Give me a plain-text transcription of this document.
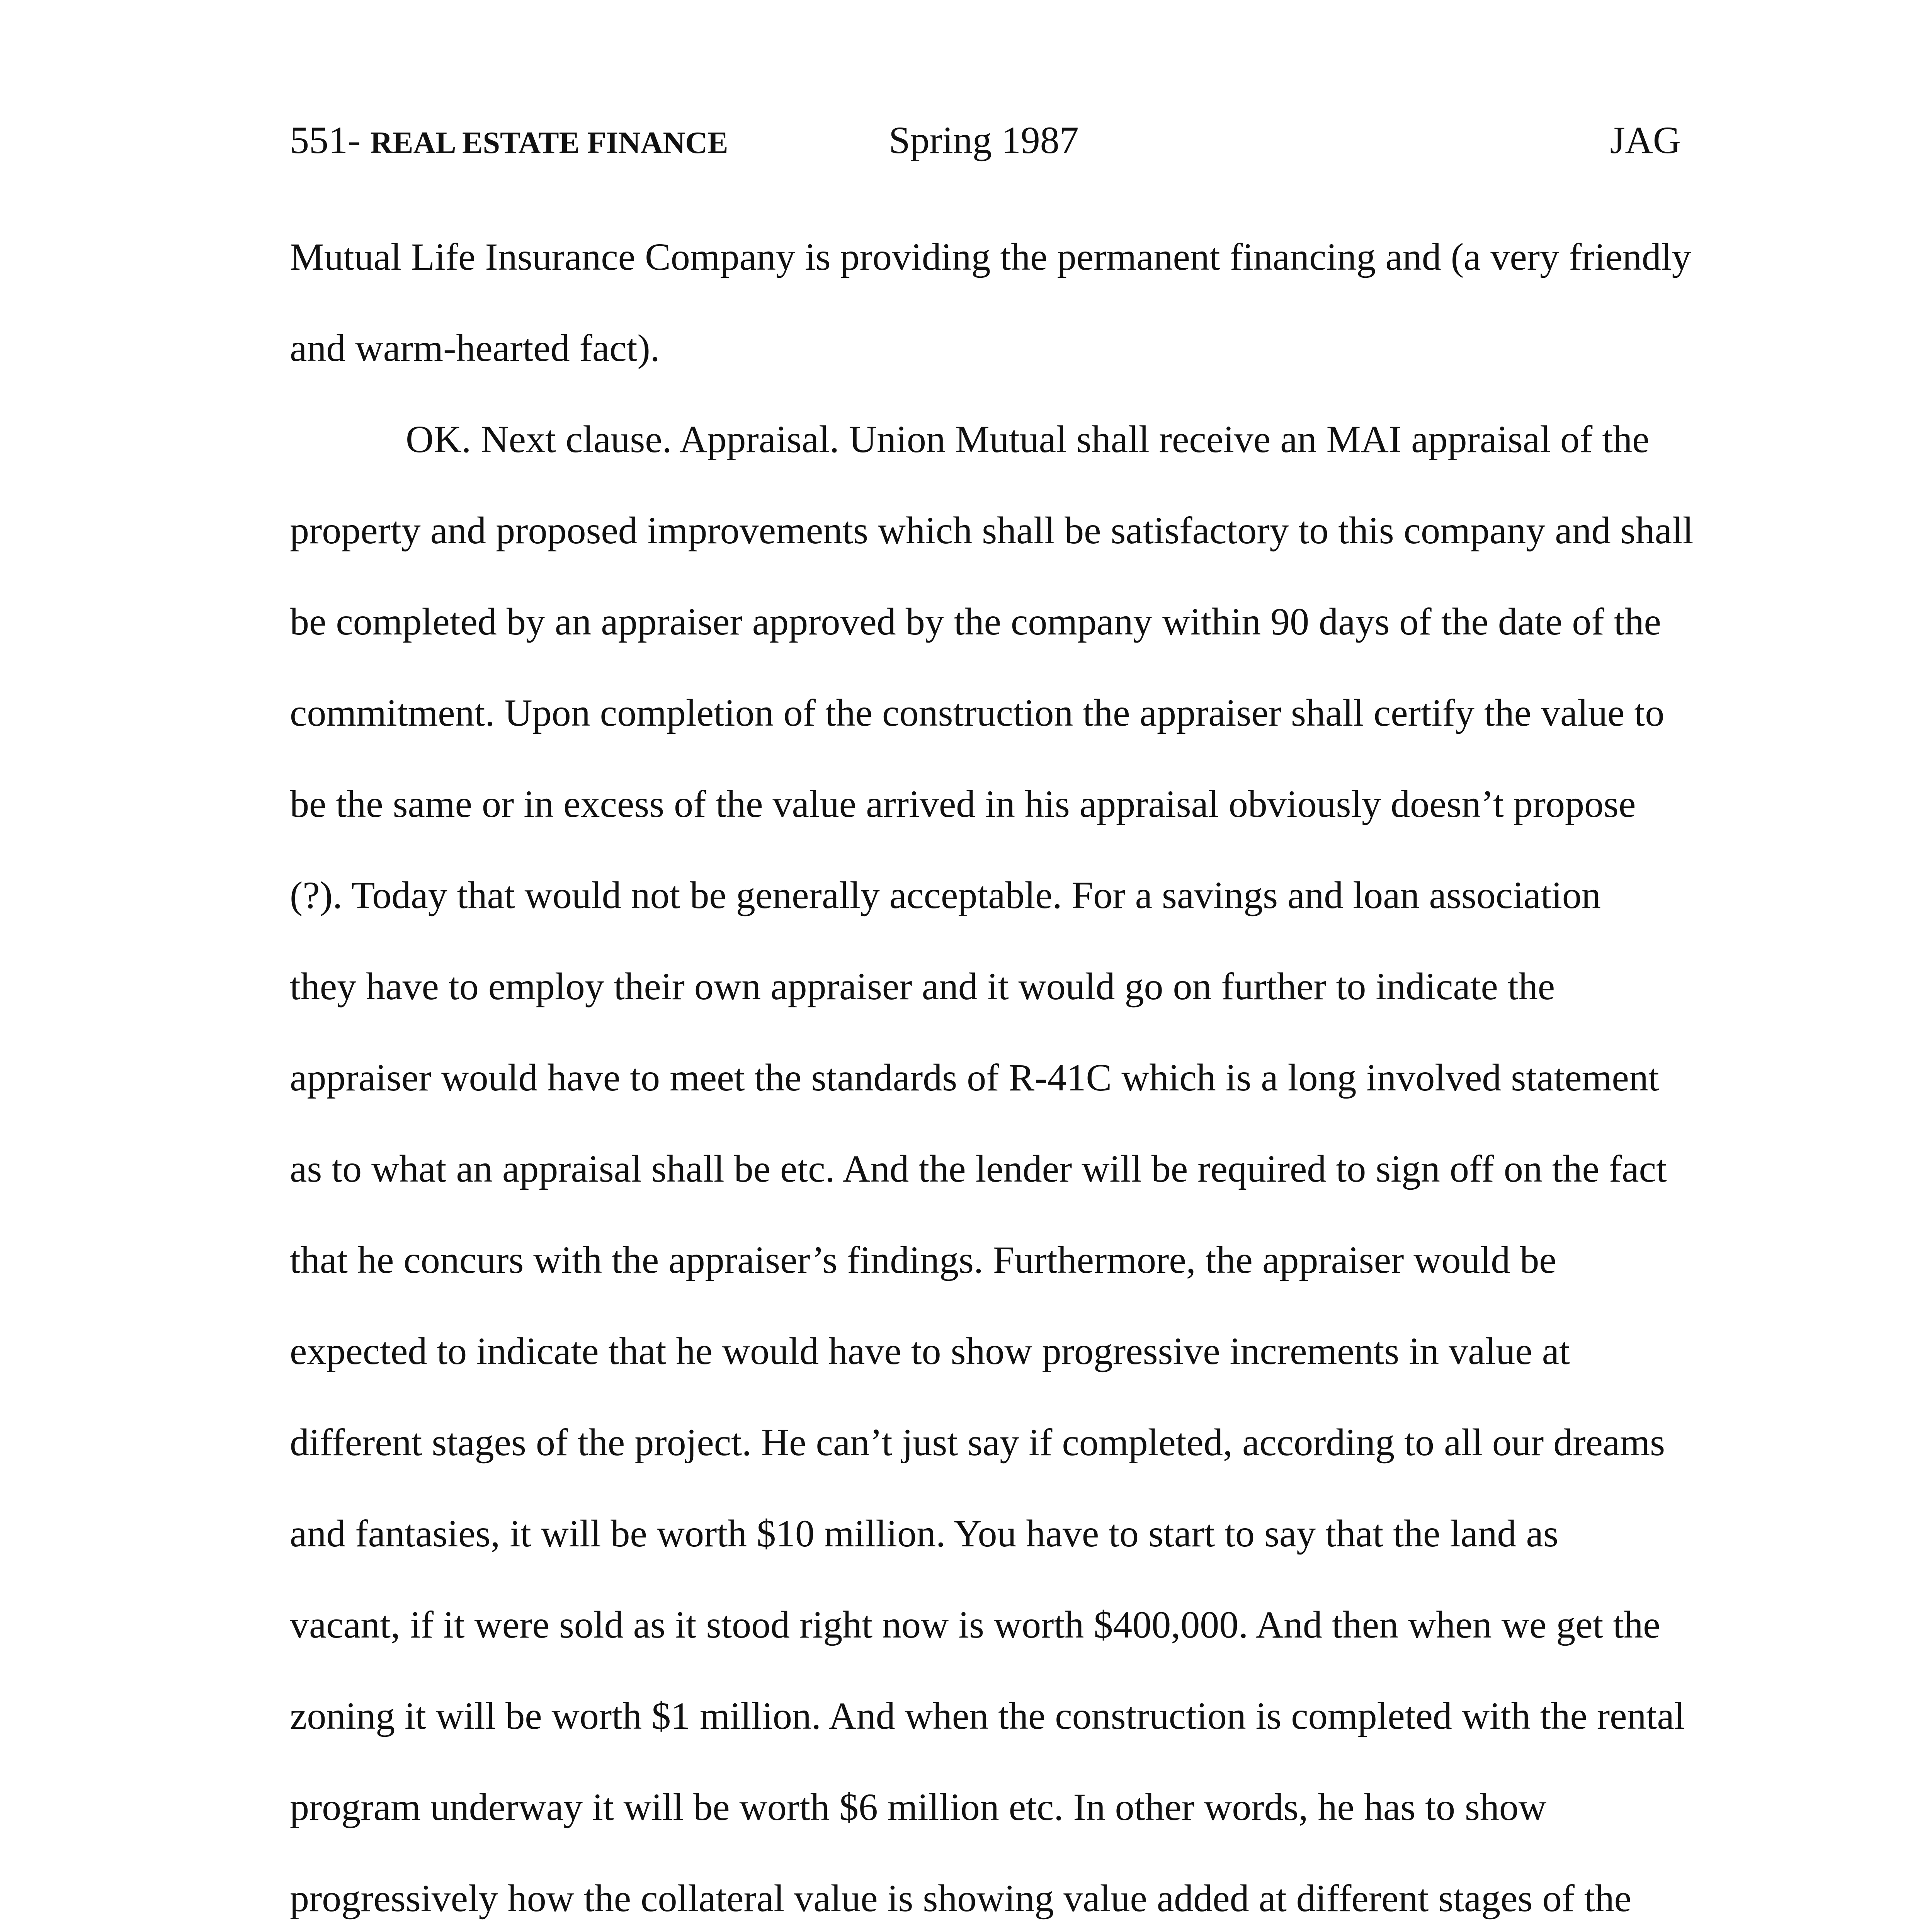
551- REAL ESTATE FINANCE	Spring 1987	JAG
Mutual Life Insurance Company is providing the permanent financing and (a very friendly
and warm-hearted fact).
OK. Next clause. Appraisal. Union Mutual shall receive an MAI appraisal of the
property and proposed improvements which shall be satisfactory to this company and shall
be completed by an appraiser approved by the company within 90 days of the date of the
commitment. Upon completion of the construction the appraiser shall certify the value to
be the same or in excess of the value arrived in his appraisal obviously doesn’t propose
(?). Today that would not be generally acceptable. For a savings and loan association
they have to employ their own appraiser and it would go on further to indicate the
appraiser would have to meet the standards of R-41C which is a long involved statement
as to what an appraisal shall be etc. And the lender will be required to sign off on the fact
that he concurs with the appraiser’s findings. Furthermore, the appraiser would be
expected to indicate that he would have to show progressive increments in value at
different stages of the project. He can’t just say if completed, according to all our dreams
and fantasies, it will be worth $10 million. You have to start to say that the land as
vacant, if it were sold as it stood right now is worth $400,000. And then when we get the
zoning it will be worth $1 million. And when the construction is completed with the rental
program underway it will be worth $6 million etc. In other words, he has to show
progressively how the collateral value is showing value added at different stages of the
